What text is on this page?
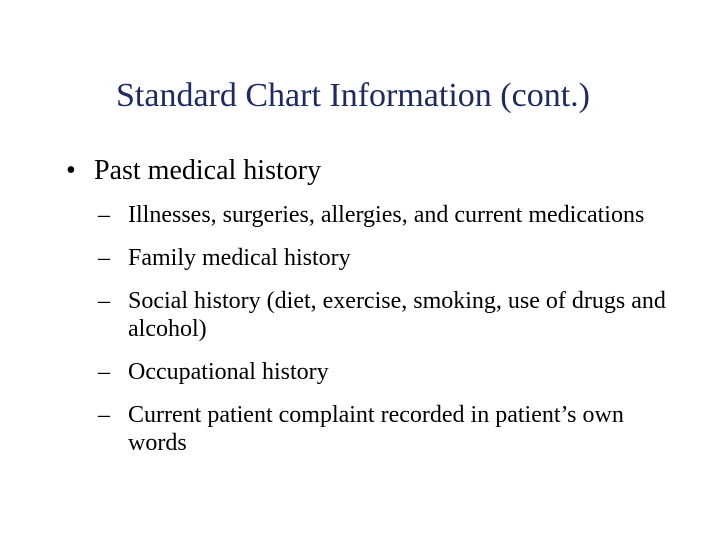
Standard Chart Information (cont.)
• Past medical history
– Illnesses, surgeries, allergies, and current medications
– Family medical history
– Social history (diet, exercise, smoking, use of drugs and alcohol)
– Occupational history
– Current patient complaint recorded in patient’s own words
